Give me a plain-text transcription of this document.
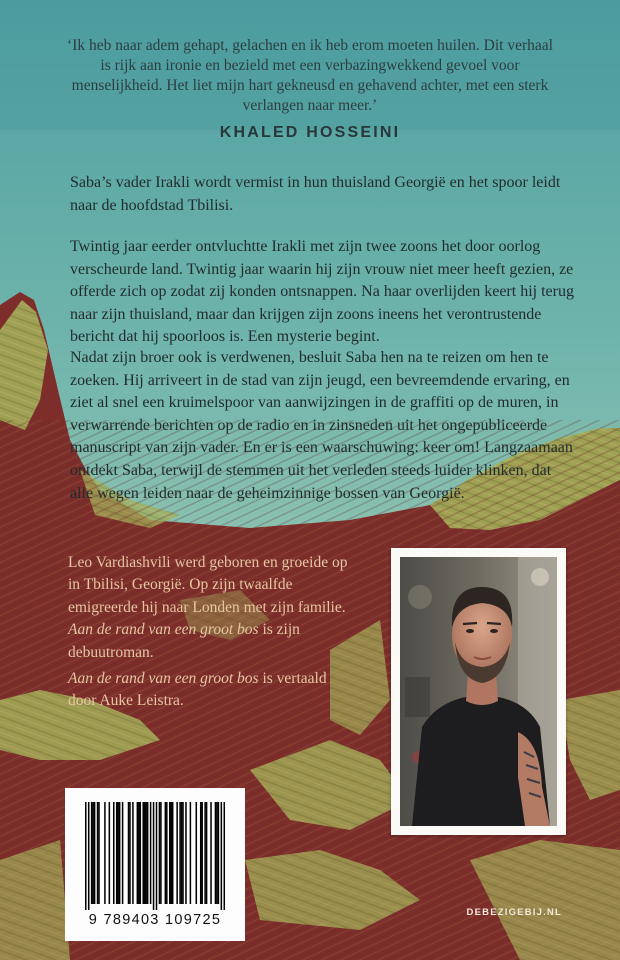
‘Ik heb naar adem gehapt, gelachen en ik heb erom moeten huilen. Dit verhaal is rijk aan ironie en bezield met een verbazingwekkend gevoel voor menselijkheid. Het liet mijn hart gekneusd en gehavend achter, met een sterk verlangen naar meer.’
KHALED HOSSEINI

Saba’s vader Irakli wordt vermist in hun thuisland Georgië en het spoor leidt naar de hoofdstad Tbilisi.

Twintig jaar eerder ontvluchtte Irakli met zijn twee zoons het door oorlog verscheurde land. Twintig jaar waarin hij zijn vrouw niet meer heeft gezien, ze offerde zich op zodat zij konden ontsnappen. Na haar overlijden keert hij terug naar zijn thuisland, maar dan krijgen zijn zoons ineens het verontrustende bericht dat hij spoorloos is. Een mysterie begint.

Nadat zijn broer ook is verdwenen, besluit Saba hen na te reizen om hen te zoeken. Hij arriveert in de stad van zijn jeugd, een bevreemdende ervaring, en ziet al snel een kruimelspoor van aanwijzingen in de graffiti op de muren, in verwarrende berichten op de radio en in zinsneden uit het ongepubliceerde manuscript van zijn vader. En er is een waarschuwing: keer om! Langzaamaan ontdekt Saba, terwijl de stemmen uit het verleden steeds luider klinken, dat alle wegen leiden naar de geheimzinnige bossen van Georgië.

Leo Vardiashvili werd geboren en groeide op in Tbilisi, Georgië. Op zijn twaalfde emigreerde hij naar Londen met zijn familie.

Aan de rand van een groot bos is zijn debuutroman.

Aan de rand van een groot bos is vertaald door Auke Leistra.

9 789403 109725	DEBEZIGEBIJ.NL
